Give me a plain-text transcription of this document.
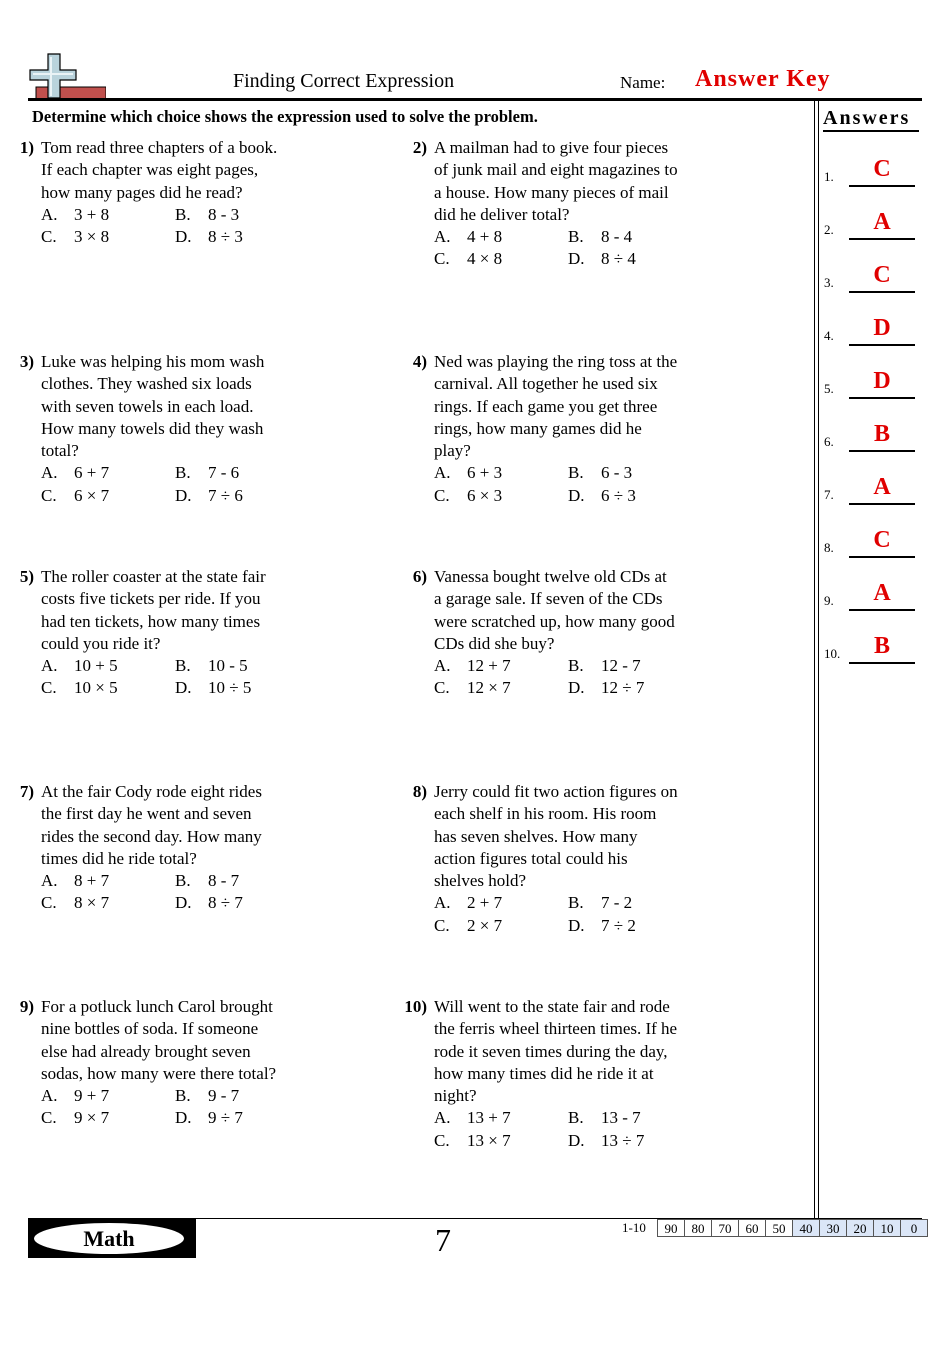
Finding Correct Expression	Name: Answer Key
Determine which choice shows the expression used to solve the problem.	Answers
1.	C
2.	A
3.	C
4.	D
5.	D
6.	B
7.	A
8.	C
9.	A
10.	B
1) Tom read three chapters of a book.
If each chapter was eight pages,
how many pages did he read?
A. 3 + 8	B. 8 - 3
C. 3 × 8	D. 8 ÷ 3
2) A mailman had to give four pieces
of junk mail and eight magazines to
a house. How many pieces of mail
did he deliver total?
A. 4 + 8	B. 8 - 4
C. 4 × 8	D. 8 ÷ 4
3) Luke was helping his mom wash
clothes. They washed six loads
with seven towels in each load.
How many towels did they wash
total?
A. 6 + 7	B. 7 - 6
C. 6 × 7	D. 7 ÷ 6
4) Ned was playing the ring toss at the
carnival. All together he used six
rings. If each game you get three
rings, how many games did he
play?
A. 6 + 3	B. 6 - 3
C. 6 × 3	D. 6 ÷ 3
5) The roller coaster at the state fair
costs five tickets per ride. If you
had ten tickets, how many times
could you ride it?
A. 10 + 5	B. 10 - 5
C. 10 × 5	D. 10 ÷ 5
6) Vanessa bought twelve old CDs at
a garage sale. If seven of the CDs
were scratched up, how many good
CDs did she buy?
A. 12 + 7	B. 12 - 7
C. 12 × 7	D. 12 ÷ 7
7) At the fair Cody rode eight rides
the first day he went and seven
rides the second day. How many
times did he ride total?
A. 8 + 7	B. 8 - 7
C. 8 × 7	D. 8 ÷ 7
8) Jerry could fit two action figures on
each shelf in his room. His room
has seven shelves. How many
action figures total could his
shelves hold?
A. 2 + 7	B. 7 - 2
C. 2 × 7	D. 7 ÷ 2
9) For a potluck lunch Carol brought
nine bottles of soda. If someone
else had already brought seven
sodas, how many were there total?
A. 9 + 7	B. 9 - 7
C. 9 × 7	D. 9 ÷ 7
10) Will went to the state fair and rode
the ferris wheel thirteen times. If he
rode it seven times during the day,
how many times did he ride it at
night?
A. 13 + 7	B. 13 - 7
C. 13 × 7	D. 13 ÷ 7
Math	7	1-10 90	80	70	60	50	40	30	20	10	0
